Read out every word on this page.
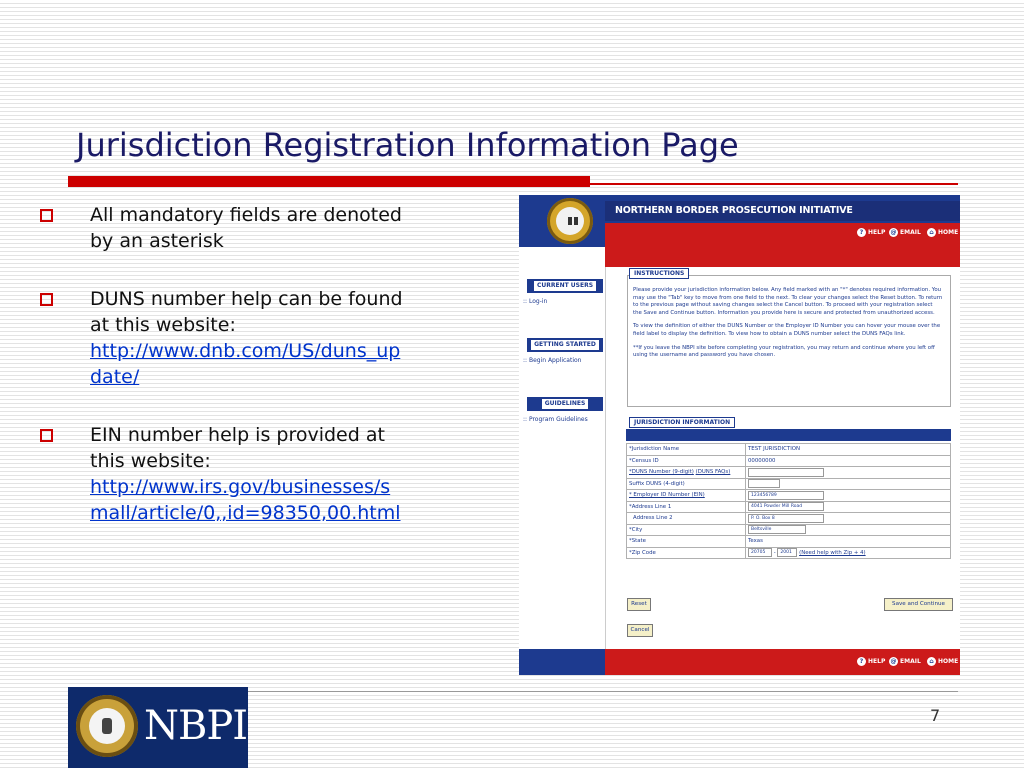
Jurisdiction Registration Information Page
All mandatory fields are denoted by an asterisk
DUNS number help can be found at this website:
http://www.dnb.com/US/duns_update/
EIN number help is provided at this website:
http://www.irs.gov/businesses/small/article/0,,id=98350,00.html
NORTHERN BORDER PROSECUTION INITIATIVE
? HELP @ EMAIL	⌂ HOME
CURRENT USERS
:: Log-in
GETTING STARTED
:: Begin Application
GUIDELINES
:: Program Guidelines
INSTRUCTIONS

Please provide your jurisdiction information below. Any field marked with an "*" denotes required information. You may use the "Tab" key to move from one field to the next. To clear your changes select the Reset button. To return to the previous page without saving changes select the Cancel button. To proceed with your registration select the Save and Continue button. Information you provide here is secure and protected from unauthorized access.

To view the definition of either the DUNS Number or the Employer ID Number you can hover your mouse over the field label to display the definition. To view how to obtain a DUNS number select the DUNS FAQs link.

**If you leave the NBPI site before completing your registration, you may return and continue where you left off using the username and password you have chosen.

JURISDICTION INFORMATION
*Jurisdiction Name	TEST JURISDICTION
*Census ID	00000000
*DUNS Number (9-digit) (DUNS FAQs)	
Suffix DUNS (4-digit)	
* Employer ID Number (EIN)	123456789
*Address Line 1	4041 Powder Mill Road
Address Line 2	P. O. Box 8
*City	Beltsville
*State	Texas
*Zip Code	20705 - 2001 (Need help with Zip + 4)
Reset	Save and Continue
Cancel
? HELP @ EMAIL	⌂ HOME
NBPI	7
